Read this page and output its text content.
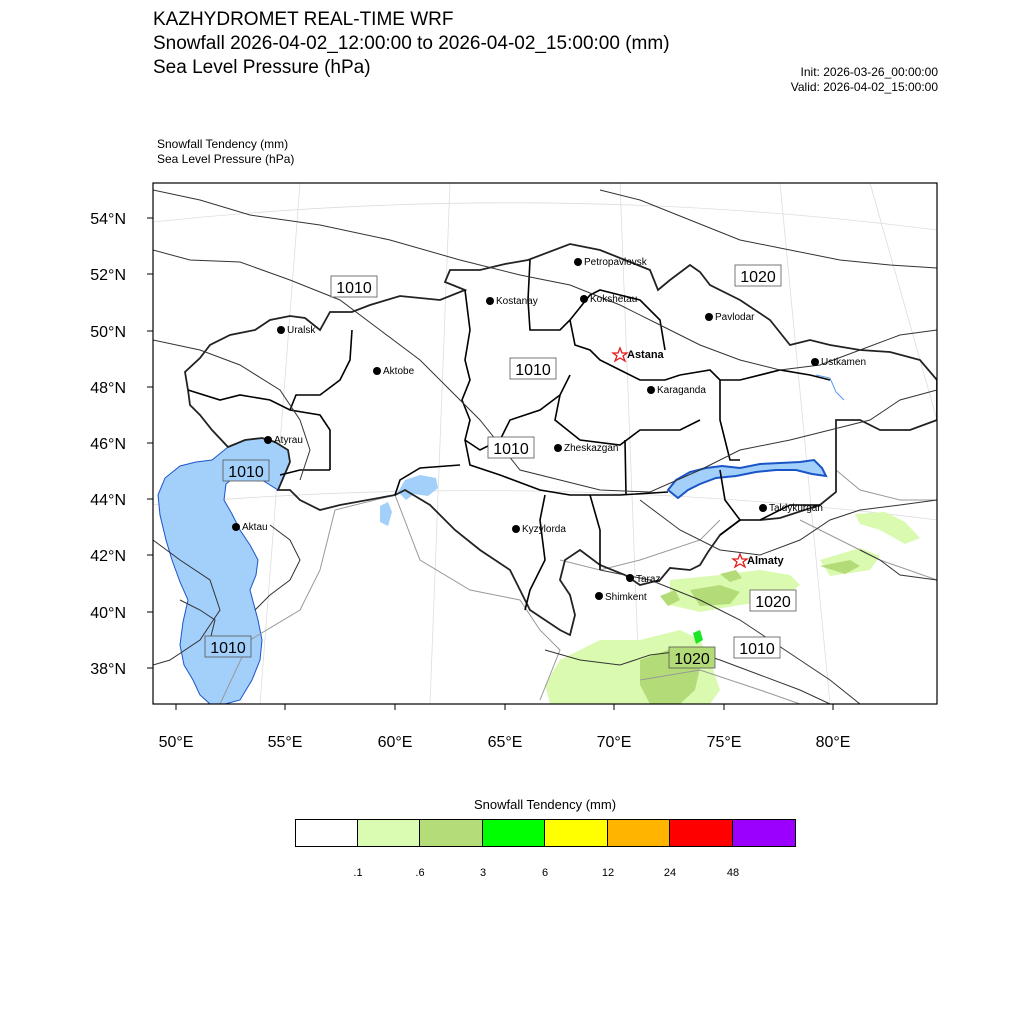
KAZHYDROMET REAL-TIME WRF
Snowfall 2026-04-02_12:00:00 to 2026-04-02_15:00:00 (mm)
Sea Level Pressure (hPa)	Init: 2026-03-26_00:00:00
Valid: 2026-04-02_15:00:00
Snowfall Tendency (mm)
Sea Level Pressure (hPa)
54°N
52°N
50°N
48°N
46°N
44°N
42°N
40°N
38°N
50°E	55°E	60°E	65°E	70°E	75°E	80°E
1010
1020
1010
1010
1010
1010
1020
1020
1010
Petropavlovsk
Kostanay	Kokshetau
Pavlodar
Uralsk
Astana
Aktobe
Ustkamen
Karaganda
Atyrau
Zheskazgan
Aktau	Kyzylorda
Taldykurgan
Almaty
Taraz
Shimkent
Snowfall Tendency (mm)
.1	.6	3	6	12	24	48
